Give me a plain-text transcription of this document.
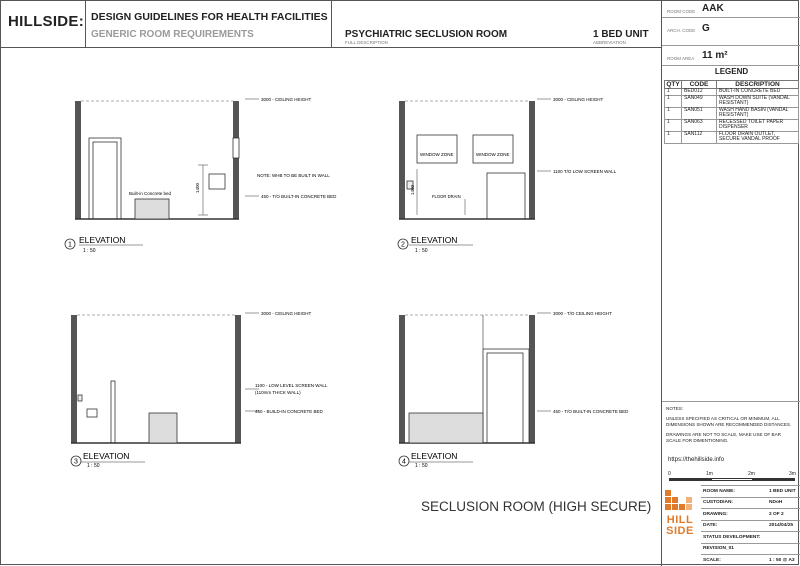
HILLSIDE: DESIGN GUIDELINES FOR HEALTH FACILITIES
GENERIC ROOM REQUIREMENTS	PSYCHIATRIC SECLUSION ROOM
FULL DESCRIPTION
1 BED UNIT
ABBREVIATION
ROOM CODE AAK
ARCH. CODE G
ROOM AREA 11 m²
LEGEND
QTY	CODE	DESCRIPTION
1	BED012	BUILT-IN CONCRETE BED
1	SAN049	WASH DOWN SUITE (VANDAL RESISTANT)
1	SAN051	WASH HAND BASIN (VANDAL RESISTANT)
1	SAN063	RECESSED TOILET PAPER DISPENSER
1	SAN112	FLOOR DRAIN OUTLET, SECURE VANDAL PROOF

NOTES:

UNLESS SPECIFIED AS CRITICAL OR MINIMUM, ALL DIMENSIONS SHOWN ARE RECOMMENDED DISTANCES.

DRAWINGS ARE NOT TO SCALE, MAKE USE OF BAR SCALE FOR DIMENTIONING.

https://thehillside.info
0	1m	2m	3m
HILL
SIDE
ROOM NAME:	1 BED UNIT
CUSTODIAN:	NDoH
DRAWING:	2 OF 2
DATE:	2014/04/25
STATUS DEVELOPMENT:	
REVISION_01	
SCALE:	1 : 50 @ A3
3000 - CEILING HEIGHT
NOTE: WHB TO BE BUILT IN WALL
450 - T/O BUILT-IN CONCRETE BED
Built-in Concrete bed
1400
3000 - CEILING HEIGHT
WINDOW ZONE	WINDOW ZONE
1100 T/O LOW SCREEN WALL
FLOOR DRAIN
1400
3000 - CEILING HEIGHT
1100 - LOW LEVEL SCREEN WALL
(110mm THICK WALL)
450 - BUILD-IN CONCRETE BED
3000 - T/O CEILING HEIGHT
450 - T/O BUILT-IN CONCRETE BED
1 ELEVATION
1 : 50
2 ELEVATION
1 : 50
3
ELEVATION
1 : 50
4
ELEVATION
1 : 50
SECLUSION ROOM (HIGH SECURE)
